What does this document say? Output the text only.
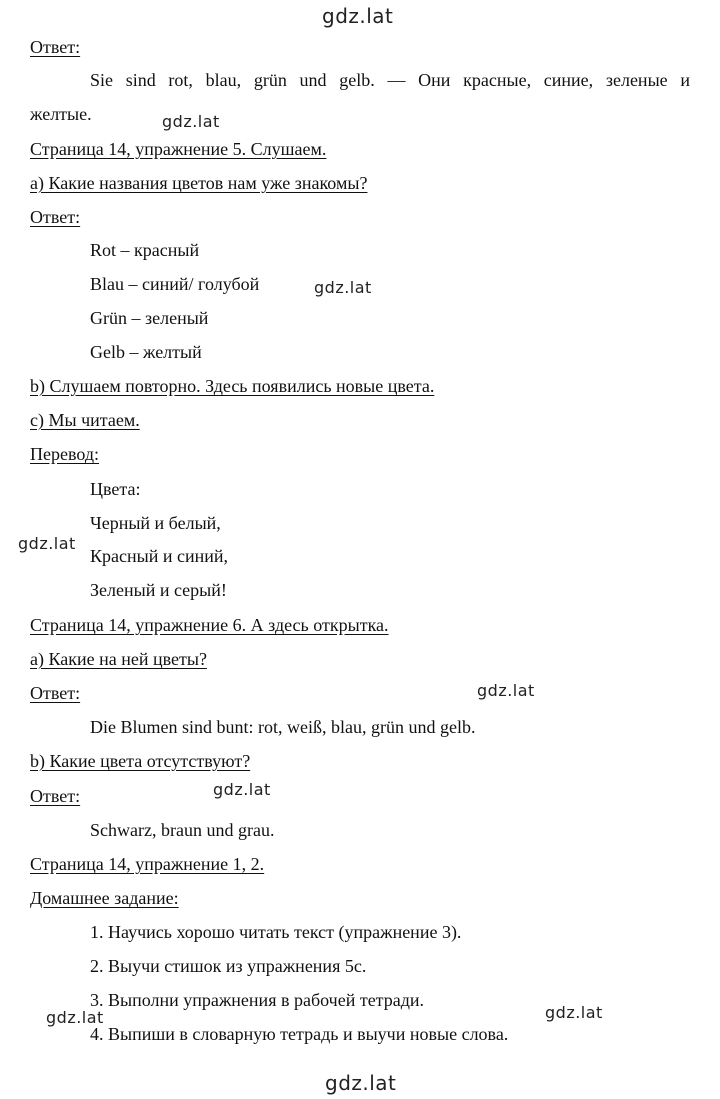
gdz.lat
gdz.lat
gdz.lat
gdz.lat
gdz.lat
gdz.lat
gdz.lat	gdz.lat
gdz.lat
Ответ:
Sie sind rot, blau, grün und gelb. — Они красные, синие, зеленые и
желтые.
Страница 14, упражнение 5. Слушаем.
а) Какие названия цветов нам уже знакомы?
Ответ:
Rot – красный
Blau – синий/ голубой
Grün – зеленый
Gelb – желтый
b) Слушаем повторно. Здесь появились новые цвета.
c) Мы читаем.
Перевод:
Цвета:
Черный и белый,
Красный и синий,
Зеленый и серый!
Страница 14, упражнение 6. А здесь открытка.
а) Какие на ней цветы?
Ответ:
Die Blumen sind bunt: rot, weiß, blau, grün und gelb.
b) Какие цвета отсутствуют?
Ответ:
Schwarz, braun und grau.
Страница 14, упражнение 1, 2.
Домашнее задание:
1. Научись хорошо читать текст (упражнение 3).
2. Выучи стишок из упражнения 5c.
3. Выполни упражнения в рабочей тетради.
4. Выпиши в словарную тетрадь и выучи новые слова.
